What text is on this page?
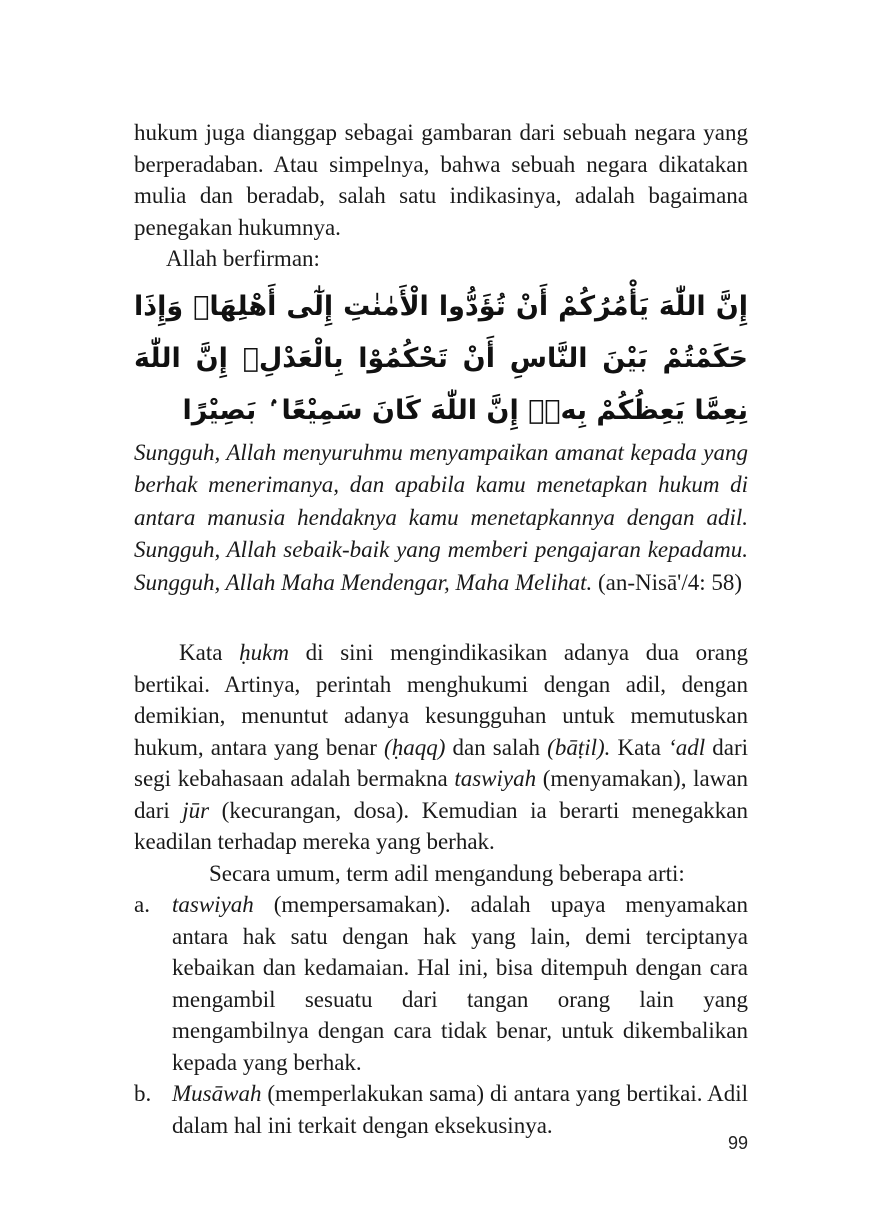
hukum juga dianggap sebagai gambaran dari sebuah negara yang berperadaban. Atau simpelnya, bahwa sebuah negara dikatakan mulia dan beradab, salah satu indikasinya, adalah bagaimana penegakan hukumnya.

Allah berfirman:

إِنَّ اللّٰهَ يَأْمُرُكُمْ أَنْ تُؤَدُّوا الْأَمٰنٰتِ إِلٰٓى أَهْلِهَاۙ وَإِذَا حَكَمْتُمْ بَيْنَ النَّاسِ أَنْ تَحْكُمُوْا بِالْعَدْلِۗ إِنَّ اللّٰهَ نِعِمَّا يَعِظُكُمْ بِهٖۗ إِنَّ اللّٰهَ كَانَ سَمِيْعًا ۢ بَصِيْرًا

Sungguh, Allah menyuruhmu menyampaikan amanat kepada yang berhak menerimanya, dan apabila kamu menetapkan hukum di antara manusia hendaknya kamu menetapkannya dengan adil. Sungguh, Allah sebaik-baik yang memberi pengajaran kepadamu. Sungguh, Allah Maha Mendengar, Maha Melihat. (an-Nisā'/4: 58)

Kata ḥukm di sini mengindikasikan adanya dua orang bertikai. Artinya, perintah menghukumi dengan adil, dengan demikian, menuntut adanya kesungguhan untuk memutuskan hukum, antara yang benar (ḥaqq) dan salah (bāṭil). Kata ‘adl dari segi kebahasaan adalah bermakna taswiyah (menyamakan), lawan dari jūr (kecurangan, dosa). Kemudian ia berarti menegakkan keadilan terhadap mereka yang berhak.

Secara umum, term adil mengandung beberapa arti:

a. taswiyah (mempersamakan). adalah upaya menyamakan antara hak satu dengan hak yang lain, demi terciptanya kebaikan dan kedamaian. Hal ini, bisa ditempuh dengan cara mengambil sesuatu dari tangan orang lain yang mengambilnya dengan cara tidak benar, untuk dikembalikan kepada yang berhak.
b. Musāwah (memperlakukan sama) di antara yang bertikai. Adil dalam hal ini terkait dengan eksekusinya.
99
